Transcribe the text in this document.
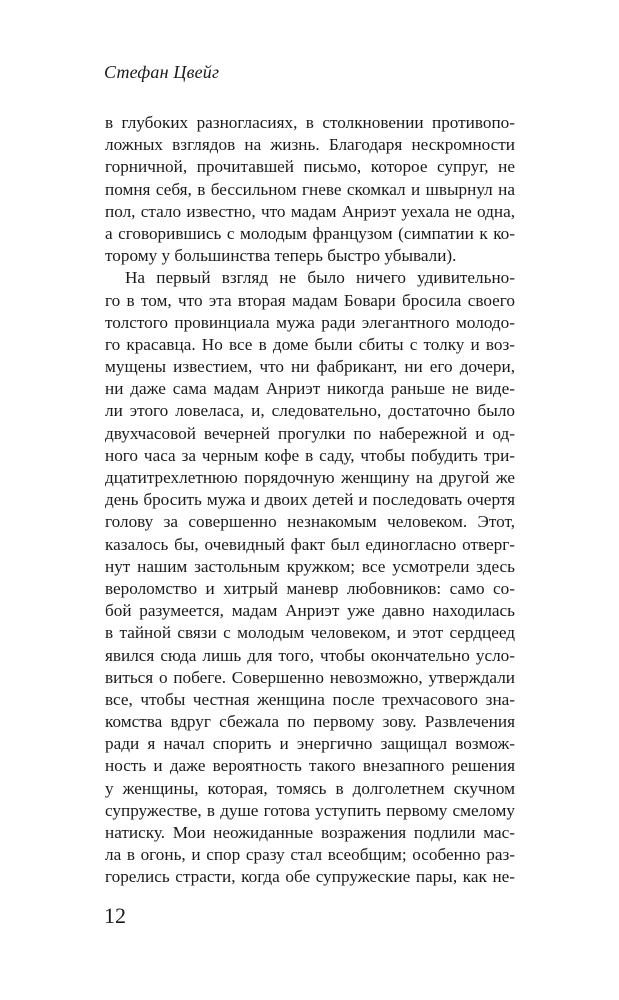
Стефан Цвейг
в глубоких разногласиях, в столкновении противопо-
ложных взглядов на жизнь. Благодаря нескромности
горничной, прочитавшей письмо, которое супруг, не
помня себя, в бессильном гневе скомкал и швырнул на
пол, стало известно, что мадам Анриэт уехала не одна,
а сговорившись с молодым французом (симпатии к ко-
торому у большинства теперь быстро убывали).
На первый взгляд не было ничего удивительно-
го в том, что эта вторая мадам Бовари бросила своего
толстого провинциала мужа ради элегантного молодо-
го красавца. Но все в доме были сбиты с толку и воз-
мущены известием, что ни фабрикант, ни его дочери,
ни даже сама мадам Анриэт никогда раньше не виде-
ли этого ловеласа, и, следовательно, достаточно было
двухчасовой вечерней прогулки по набережной и од-
ного часа за черным кофе в саду, чтобы побудить три-
дцатитрехлетнюю порядочную женщину на другой же
день бросить мужа и двоих детей и последовать очертя
голову за совершенно незнакомым человеком. Этот,
казалось бы, очевидный факт был единогласно отверг-
нут нашим застольным кружком; все усмотрели здесь
вероломство и хитрый маневр любовников: само со-
бой разумеется, мадам Анриэт уже давно находилась
в тайной связи с молодым человеком, и этот сердцеед
явился сюда лишь для того, чтобы окончательно усло-
виться о побеге. Совершенно невозможно, утверждали
все, чтобы честная женщина после трехчасового зна-
комства вдруг сбежала по первому зову. Развлечения
ради я начал спорить и энергично защищал возмож-
ность и даже вероятность такого внезапного решения
у женщины, которая, томясь в долголетнем скучном
супружестве, в душе готова уступить первому смелому
натиску. Мои неожиданные возражения подлили мас-
ла в огонь, и спор сразу стал всеобщим; особенно раз-
горелись страсти, когда обе супружеские пары, как не-
12
